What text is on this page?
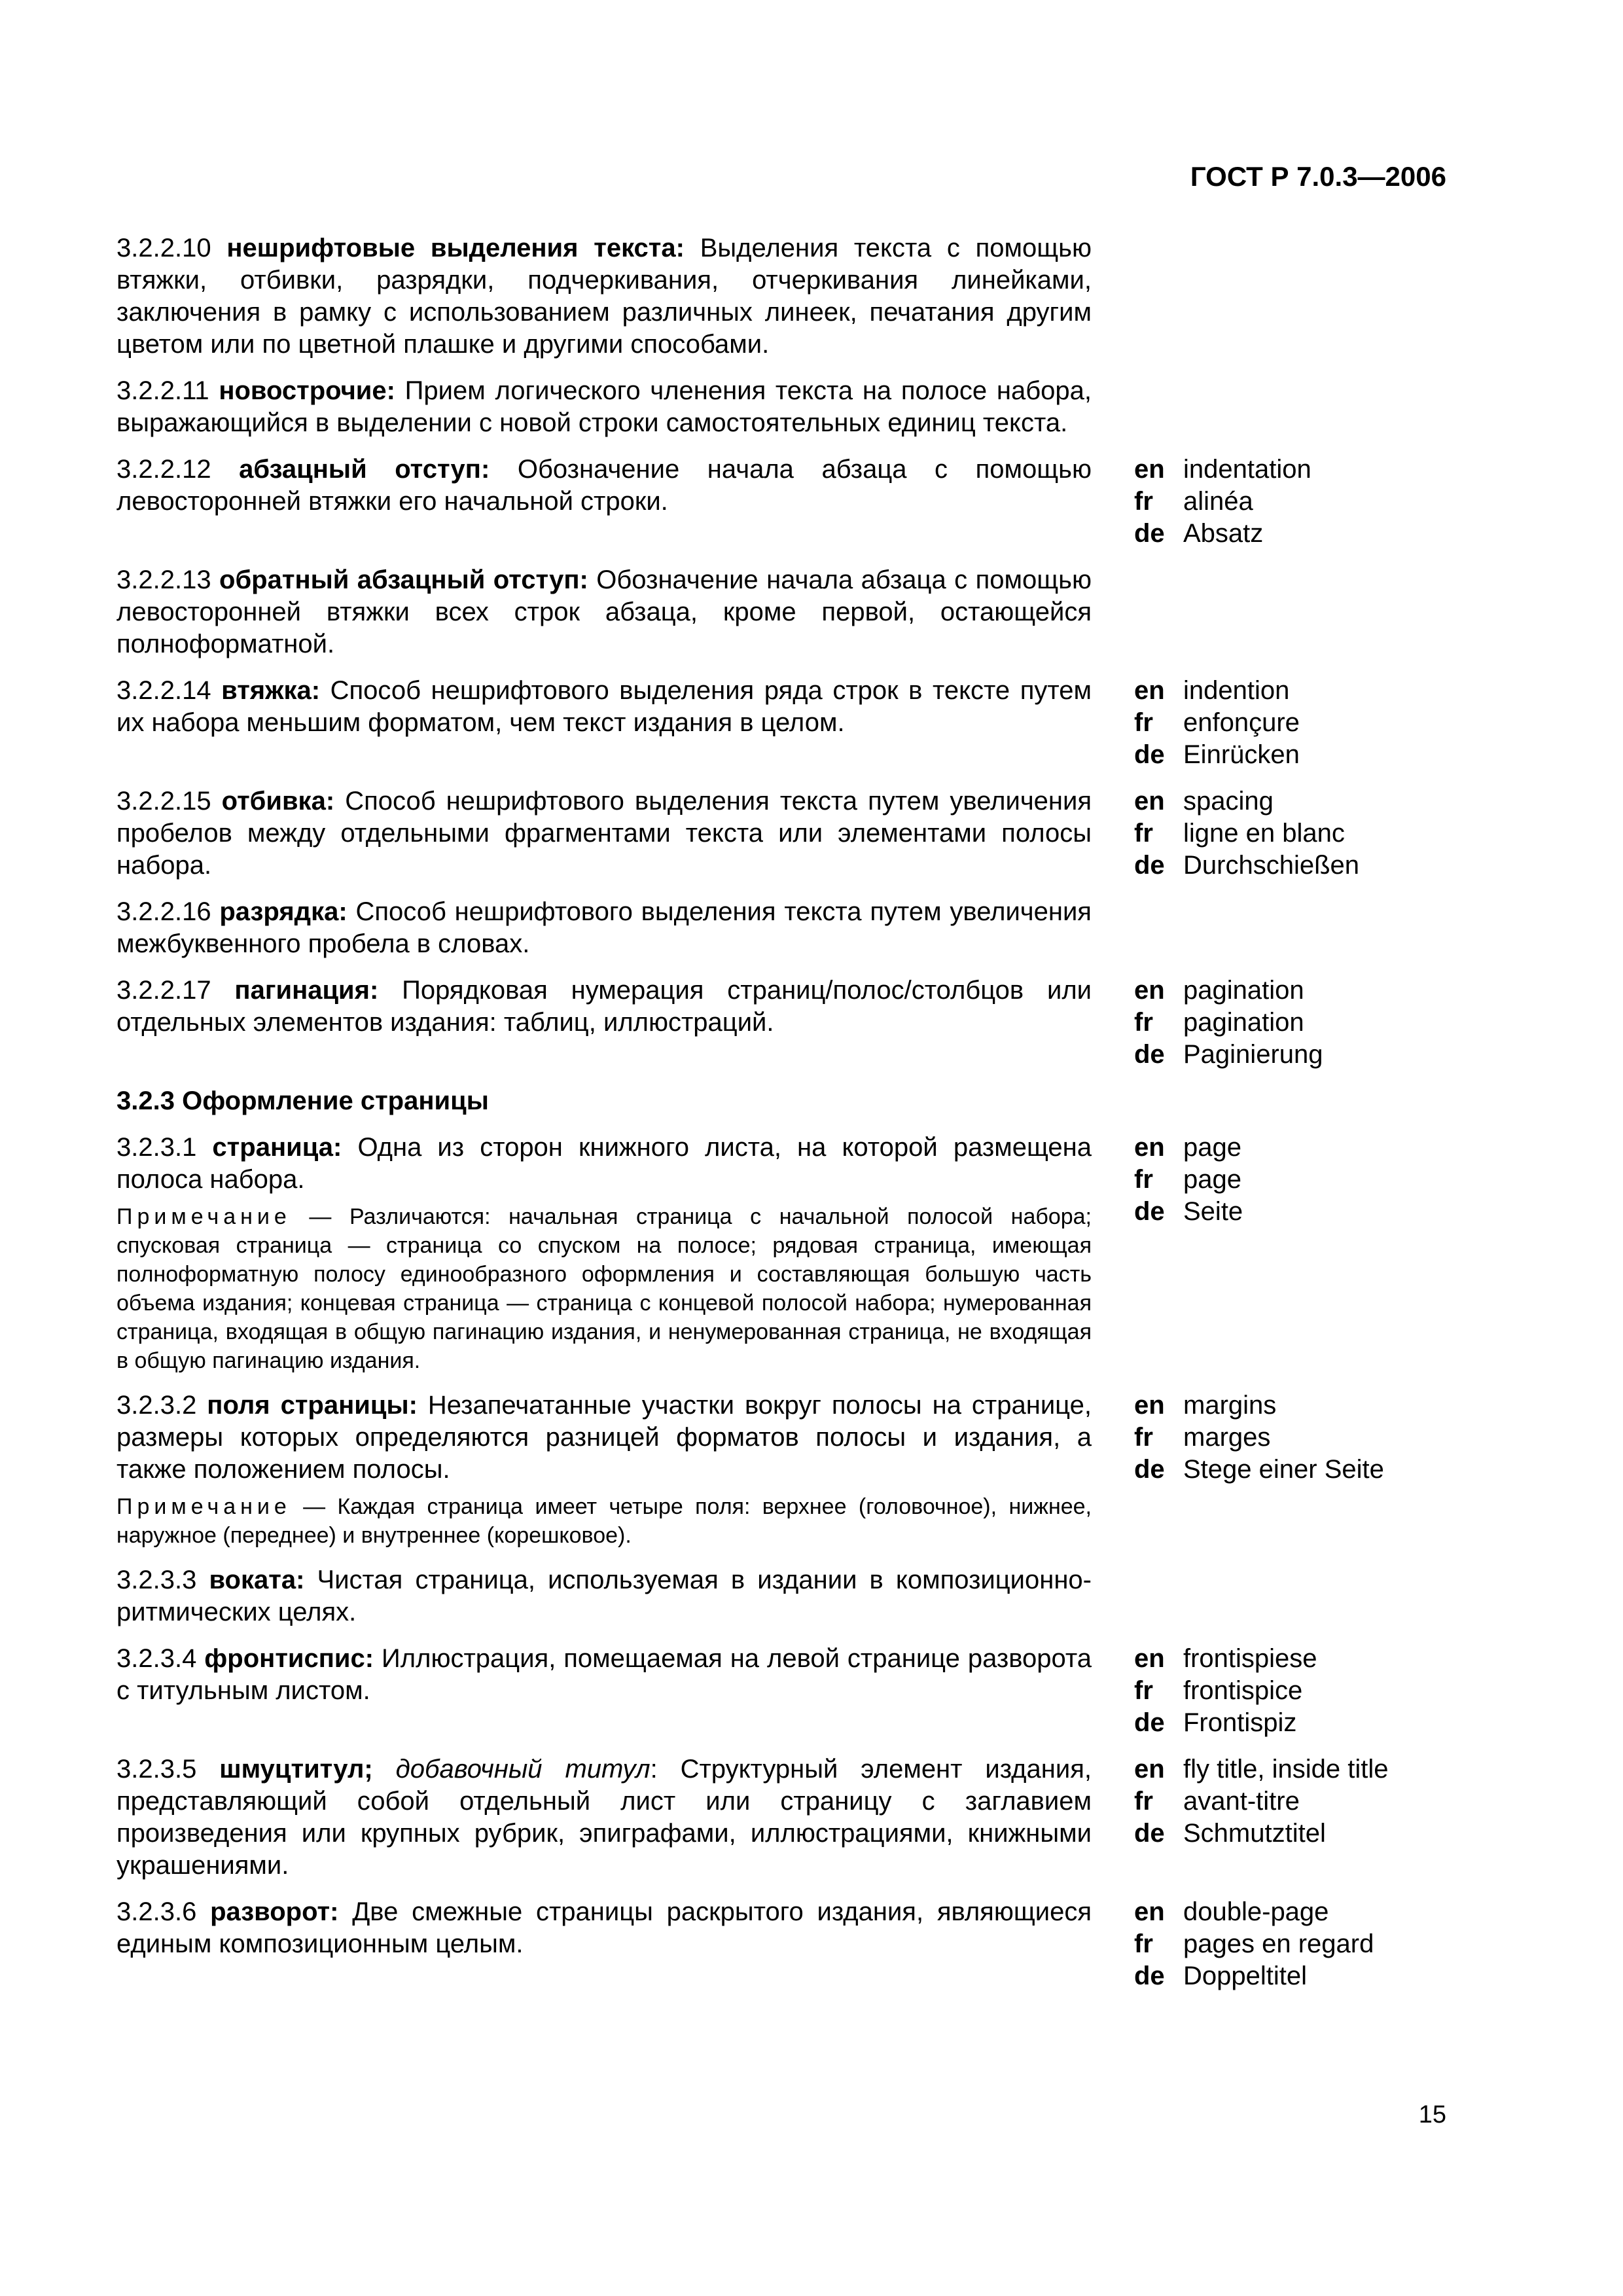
ГОСТ Р 7.0.3—2006
3.2.2.10 нешрифтовые выделения текста: Выделения текста с помощью втяжки, отбивки, разрядки, подчеркивания, отчеркивания линейками, заключения в рамку с использованием различных линеек, печатания другим цветом или по цветной плашке и другими способами.
3.2.2.11 новострочие: Прием логического членения текста на полосе набора, выражающийся в выделении с новой строки самостоятельных единиц текста.
3.2.2.12 абзацный отступ: Обозначение начала абзаца с помощью левосторонней втяжки его начальной строки.
en indentation
fr	alinéa
de Absatz
3.2.2.13 обратный абзацный отступ: Обозначение начала абзаца с помощью левосторонней втяжки всех строк абзаца, кроме первой, остающейся полноформатной.
3.2.2.14 втяжка: Способ нешрифтового выделения ряда строк в тексте путем их набора меньшим форматом, чем текст издания в целом.
en indention
fr	enfonçure
de Einrücken
3.2.2.15 отбивка: Способ нешрифтового выделения текста путем увеличения пробелов между отдельными фрагментами текста или элементами полосы набора.
en spacing
fr	ligne en blanc
de Durchschießen
3.2.2.16 разрядка: Способ нешрифтового выделения текста путем увеличения межбуквенного пробела в словах.
3.2.2.17 пагинация: Порядковая нумерация страниц/полос/столбцов или отдельных элементов издания: таблиц, иллюстраций.
en pagination
fr	pagination
de Paginierung
3.2.3 Оформление страницы
3.2.3.1 страница: Одна из сторон книжного листа, на которой размещена полоса набора.
Примечание — Различаются: начальная страница с начальной полосой набора; спусковая страница — страница со спуском на полосе; рядовая страница, имеющая полноформатную полосу единообразного оформления и составляющая большую часть объема издания; концевая страница — страница с концевой полосой набора; нумерованная страница, входящая в общую пагинацию издания, и ненумерованная страница, не входящая в общую пагинацию издания.
en page
fr	page
de Seite
3.2.3.2 поля страницы: Незапечатанные участки вокруг полосы на странице, размеры которых определяются разницей форматов полосы и издания, а также положением полосы.
Примечание — Каждая страница имеет четыре поля: верхнее (головочное), нижнее, наружное (переднее) и внутреннее (корешковое).
en margins
fr	marges
de Stege einer Seite
3.2.3.3 воката: Чистая страница, используемая в издании в композиционно-ритмических целях.
3.2.3.4 фронтиспис: Иллюстрация, помещаемая на левой странице разворота с титульным листом.
en frontispiese
fr	frontispice
de Frontispiz
3.2.3.5 шмуцтитул; добавочный титул: Структурный элемент издания, представляющий собой отдельный лист или страницу с заглавием произведения или крупных рубрик, эпиграфами, иллюстрациями, книжными украшениями.
en fly title, inside title
fr	avant-titre
de Schmutztitel
3.2.3.6 разворот: Две смежные страницы раскрытого издания, являющиеся единым композиционным целым.
en double-page
fr	pages en regard
de Doppeltitel
15
